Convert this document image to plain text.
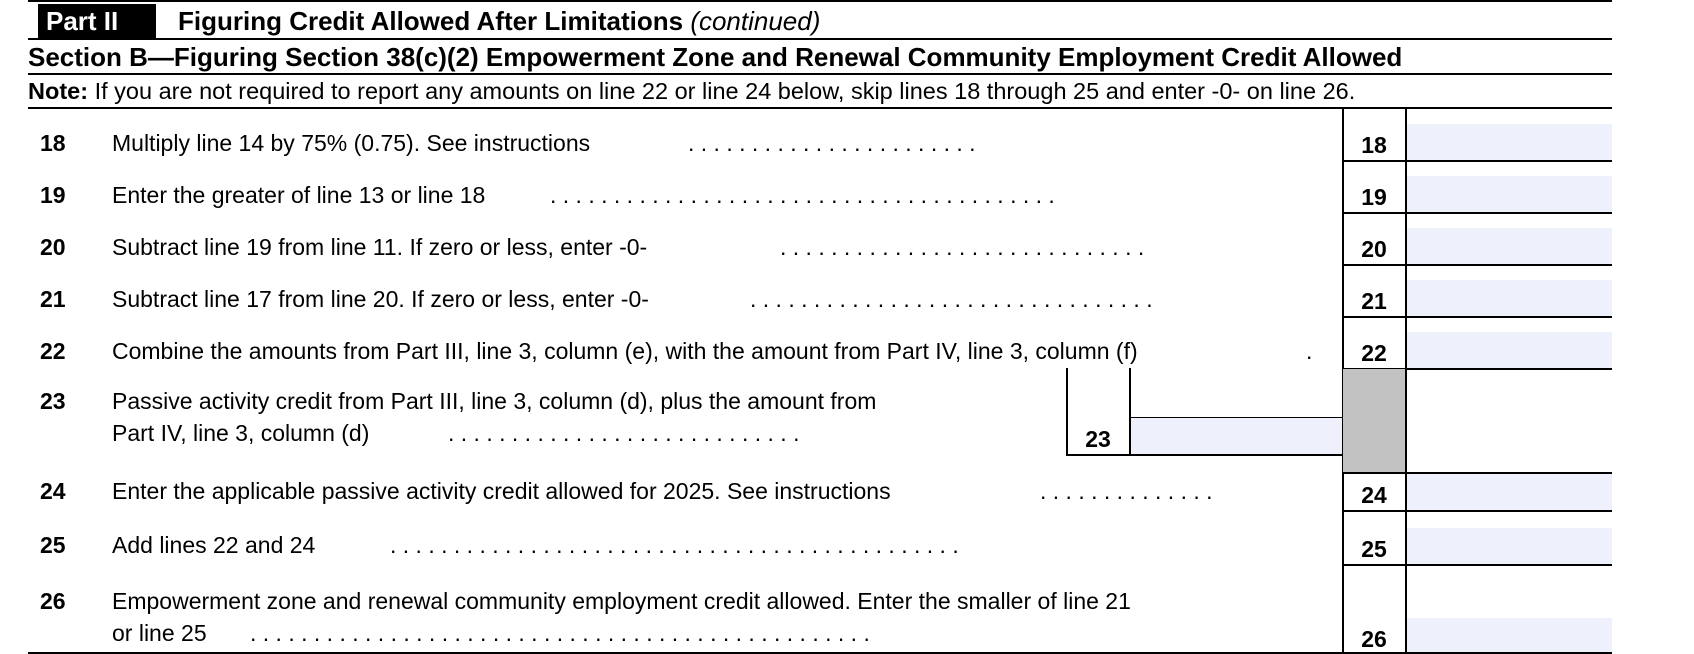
Part II	Figuring Credit Allowed After Limitations (continued)
Section B—Figuring Section 38(c)(2) Empowerment Zone and Renewal Community Employment Credit Allowed
Note: If you are not required to report any amounts on line 22 or line 24 below, skip lines 18 through 25 and enter -0- on line 26.
18 Multiply line 14 by 75% (0.75). See instructions	. . . . . . . . . . . . . . . . . . . . . . .	18
19 Enter the greater of line 13 or line 18	. . . . . . . . . . . . . . . . . . . . . . . . . . . . . . . . . . . . . . . .	19
20 Subtract line 19 from line 11. If zero or less, enter -0-	. . . . . . . . . . . . . . . . . . . . . . . . . . . . .	20
21 Subtract line 17 from line 20. If zero or less, enter -0-	. . . . . . . . . . . . . . . . . . . . . . . . . . . . . . . .	21
22 Combine the amounts from Part III, line 3, column (e), with the amount from Part IV, line 3, column (f)	.	22
23 Passive activity credit from Part III, line 3, column (d), plus the amount from
Part IV, line 3, column (d)	. . . . . . . . . . . . . . . . . . . . . . . . . . . .	23
24 Enter the applicable passive activity credit allowed for 2025. See instructions	. . . . . . . . . . . . . .	24
25 Add lines 22 and 24	. . . . . . . . . . . . . . . . . . . . . . . . . . . . . . . . . . . . . . . . . . . . .	25
26 Empowerment zone and renewal community employment credit allowed. Enter the smaller of line 21
or line 25 . . . . . . . . . . . . . . . . . . . . . . . . . . . . . . . . . . . . . . . . . . . . . . . . .	26
